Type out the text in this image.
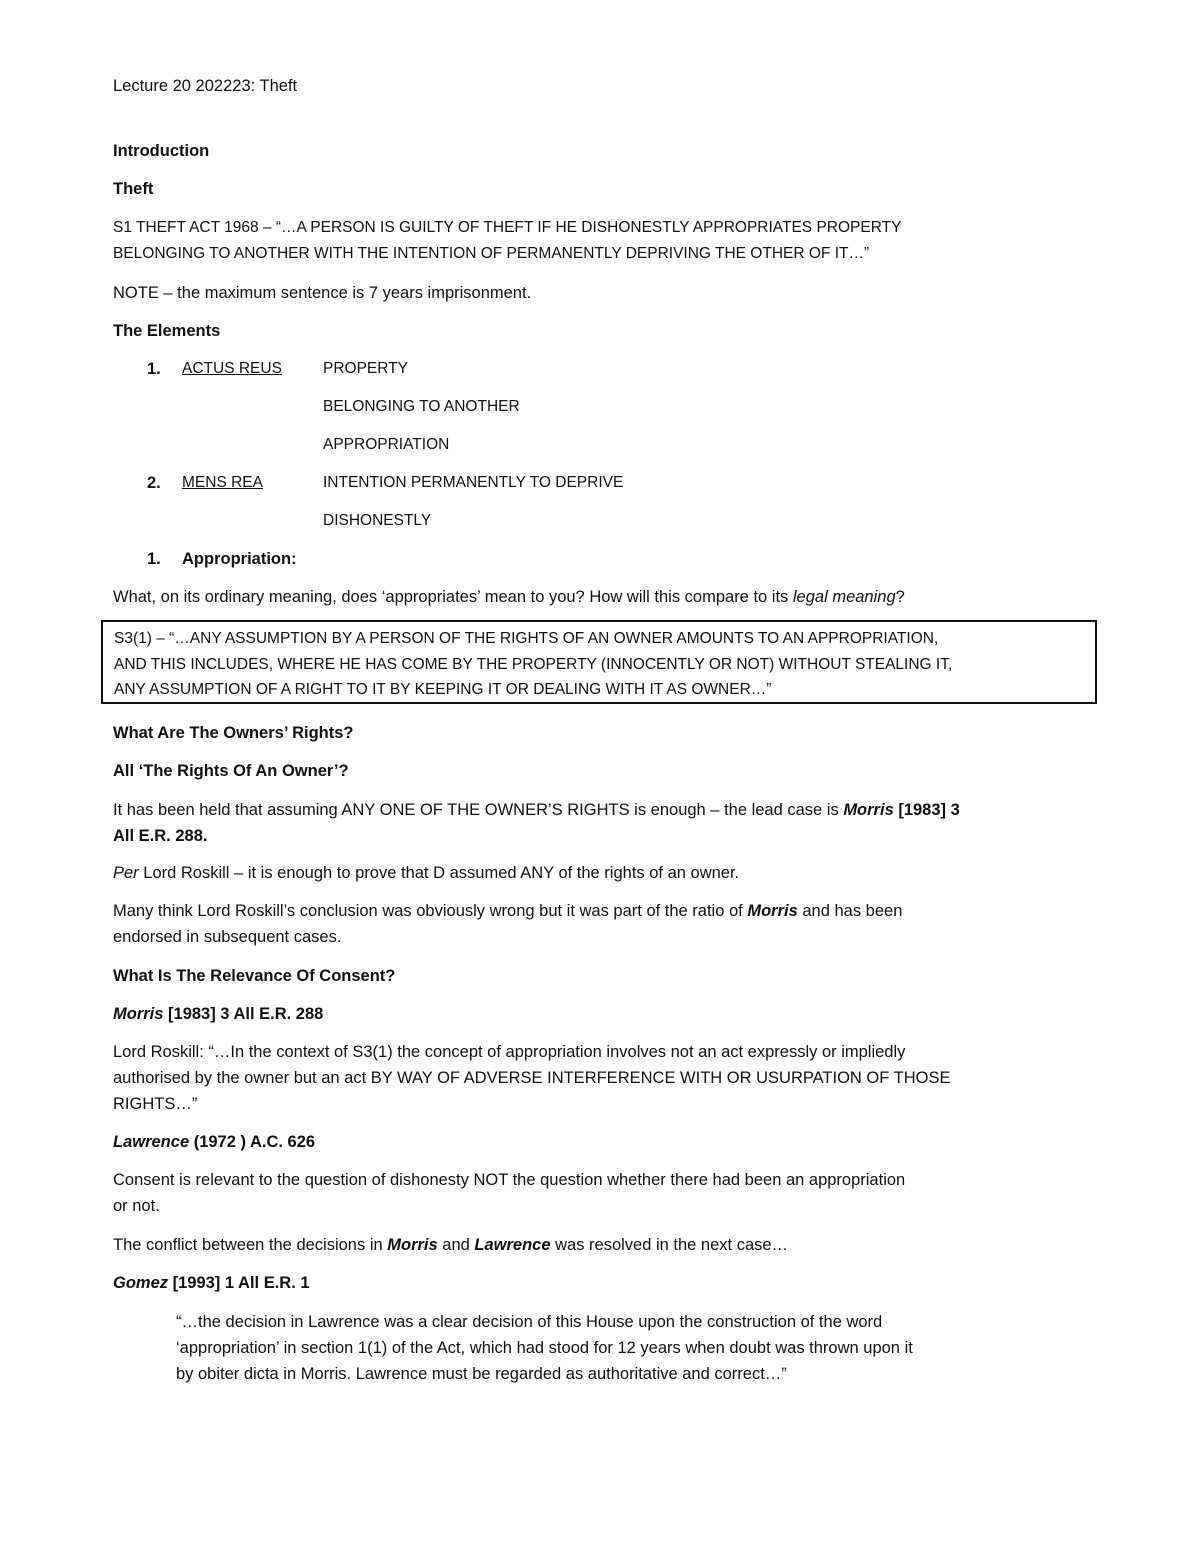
Lecture 20 202223: Theft
Introduction
Theft
S1 THEFT ACT 1968 – “…A PERSON IS GUILTY OF THEFT IF HE DISHONESTLY APPROPRIATES PROPERTY
BELONGING TO ANOTHER WITH THE INTENTION OF PERMANENTLY DEPRIVING THE OTHER OF IT…”
NOTE – the maximum sentence is 7 years imprisonment.
The Elements
1. ACTUS REUS	PROPERTY
BELONGING TO ANOTHER
APPROPRIATION
2. MENS REA	INTENTION PERMANENTLY TO DEPRIVE
DISHONESTLY
1. Appropriation:
What, on its ordinary meaning, does ‘appropriates’ mean to you? How will this compare to its legal meaning?
S3(1) – “…ANY ASSUMPTION BY A PERSON OF THE RIGHTS OF AN OWNER AMOUNTS TO AN APPROPRIATION,
AND THIS INCLUDES, WHERE HE HAS COME BY THE PROPERTY (INNOCENTLY OR NOT) WITHOUT STEALING IT,
ANY ASSUMPTION OF A RIGHT TO IT BY KEEPING IT OR DEALING WITH IT AS OWNER…”
What Are The Owners’ Rights?
All ‘The Rights Of An Owner’?
It has been held that assuming ANY ONE OF THE OWNER’S RIGHTS is enough – the lead case is Morris [1983] 3
All E.R. 288.
Per Lord Roskill – it is enough to prove that D assumed ANY of the rights of an owner.
Many think Lord Roskill’s conclusion was obviously wrong but it was part of the ratio of Morris and has been
endorsed in subsequent cases.
What Is The Relevance Of Consent?
Morris [1983] 3 All E.R. 288
Lord Roskill: “…In the context of S3(1) the concept of appropriation involves not an act expressly or impliedly
authorised by the owner but an act BY WAY OF ADVERSE INTERFERENCE WITH OR USURPATION OF THOSE
RIGHTS…”
Lawrence (1972 ) A.C. 626
Consent is relevant to the question of dishonesty NOT the question whether there had been an appropriation
or not.
The conflict between the decisions in Morris and Lawrence was resolved in the next case…
Gomez [1993] 1 All E.R. 1
“…the decision in Lawrence was a clear decision of this House upon the construction of the word
‘appropriation’ in section 1(1) of the Act, which had stood for 12 years when doubt was thrown upon it
by obiter dicta in Morris. Lawrence must be regarded as authoritative and correct…”
